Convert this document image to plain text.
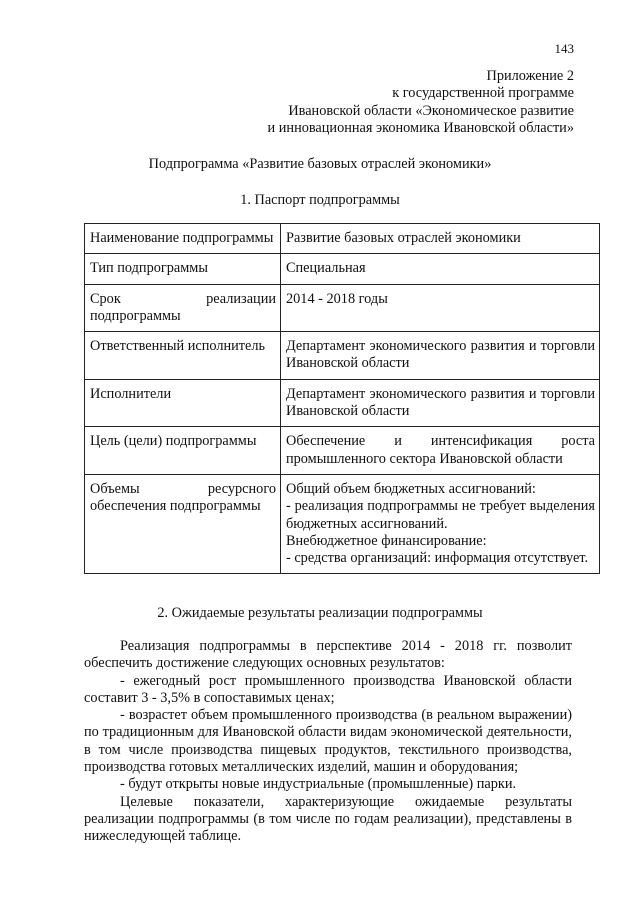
143
Приложение 2
к государственной программе
Ивановской области «Экономическое развитие
и инновационная экономика Ивановской области»
Подпрограмма «Развитие базовых отраслей экономики»
1. Паспорт подпрограммы
Наименование подпрограммы	Развитие базовых отраслей экономики

Тип подпрограммы	Специальная

Срок реализации подпрограммы	2014 - 2018 годы

Ответственный исполнитель	Департамент экономического развития и торговли Ивановской области

Исполнители	Департамент экономического развития и торговли Ивановской области

Цель (цели) подпрограммы	Обеспечение и интенсификация роста промышленного сектора Ивановской области

Объемы ресурсного обеспечения подпрограммы	Общий объем бюджетных ассигнований:

- реализация подпрограммы не требует выделения бюджетных ассигнований.

Внебюджетное финансирование:

- средства организаций: информация отсутствует.

2. Ожидаемые результаты реализации подпрограммы

Реализация подпрограммы в перспективе 2014 - 2018 гг. позволит обеспечить достижение следующих основных результатов:

- ежегодный рост промышленного производства Ивановской области составит 3 - 3,5% в сопоставимых ценах;

- возрастет объем промышленного производства (в реальном выражении) по традиционным для Ивановской области видам экономической деятельности, в том числе производства пищевых продуктов, текстильного производства, производства готовых металлических изделий, машин и оборудования;

- будут открыты новые индустриальные (промышленные) парки.

Целевые показатели, характеризующие ожидаемые результаты реализации подпрограммы (в том числе по годам реализации), представлены в нижеследующей таблице.
